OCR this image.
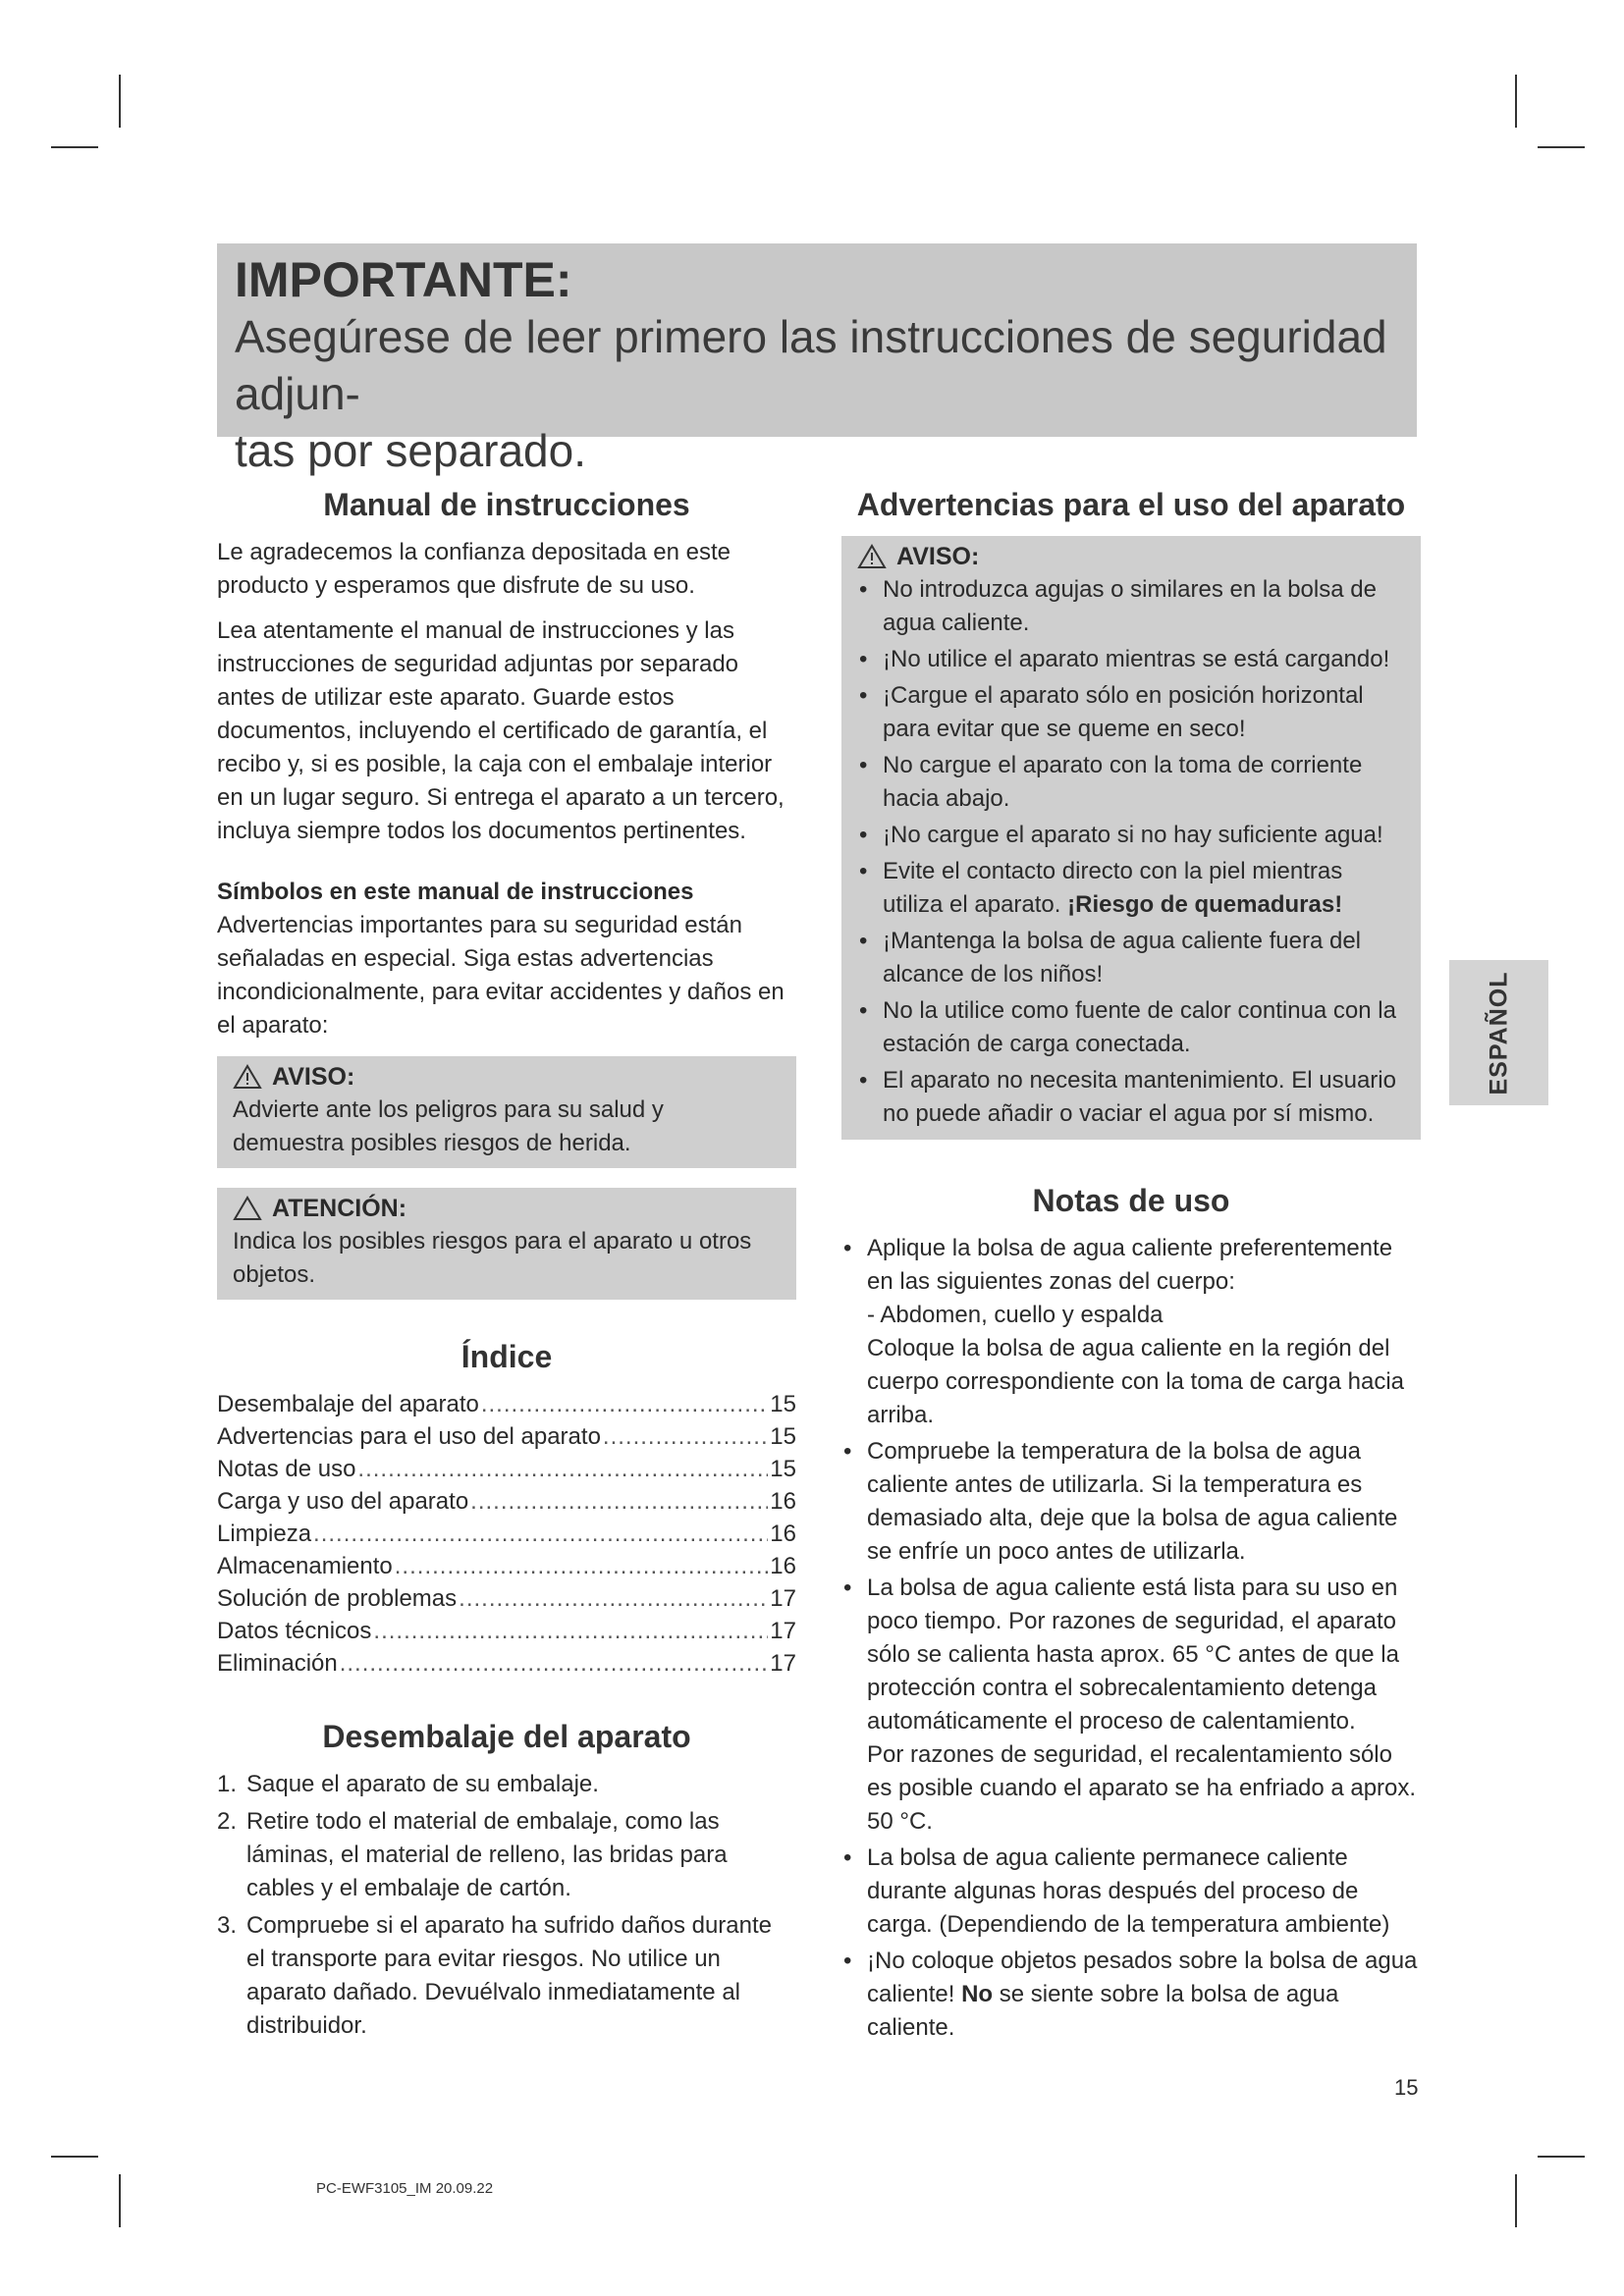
IMPORTANTE:
Asegúrese de leer primero las instrucciones de seguridad adjun-
tas por separado.
Manual de instrucciones

Le agradecemos la confianza depositada en este producto y esperamos que disfrute de su uso.

Lea atentamente el manual de instrucciones y las instrucciones de seguridad adjuntas por separado antes de utilizar este aparato. Guarde estos documentos, incluyendo el certificado de garantía, el recibo y, si es posible, la caja con el embalaje interior en un lugar seguro. Si entrega el aparato a un tercero, incluya siempre todos los documentos pertinentes.

Símbolos en este manual de instrucciones

Advertencias importantes para su seguridad están señaladas en especial. Siga estas advertencias incondicionalmente, para evitar accidentes y daños en el aparato:

AVISO:
Advierte ante los peligros para su salud y demuestra posibles riesgos de herida.
ATENCIÓN:
Indica los posibles riesgos para el aparato u otros objetos.
Índice
Desembalaje del aparato .....	15
Advertencias para el uso del aparato .....	15
Notas de uso .....	15
Carga y uso del aparato .....	16
Limpieza .....	16
Almacenamiento .....	16
Solución de problemas .....	17
Datos técnicos .....	17
Eliminación .....	17
Desembalaje del aparato
1. Saque el aparato de su embalaje.
2. Retire todo el material de embalaje, como las láminas, el material de relleno, las bridas para cables y el embalaje de cartón.
3. Compruebe si el aparato ha sufrido daños durante el transporte para evitar riesgos. No utilice un aparato dañado. Devuélvalo inmediatamente al distribuidor.
Advertencias para el uso del aparato
AVISO:
• No introduzca agujas o similares en la bolsa de agua caliente.
• ¡No utilice el aparato mientras se está cargando!
• ¡Cargue el aparato sólo en posición horizontal para evitar que se queme en seco!
• No cargue el aparato con la toma de corriente hacia abajo.
• ¡No cargue el aparato si no hay suficiente agua!
• Evite el contacto directo con la piel mientras utiliza el aparato. ¡Riesgo de quemaduras!
• ¡Mantenga la bolsa de agua caliente fuera del alcance de los niños!
• No la utilice como fuente de calor continua con la estación de carga conectada.
• El aparato no necesita mantenimiento. El usuario no puede añadir o vaciar el agua por sí mismo.
Notas de uso
• Aplique la bolsa de agua caliente preferentemente en las siguientes zonas del cuerpo:
- Abdomen, cuello y espalda
Coloque la bolsa de agua caliente en la región del cuerpo correspondiente con la toma de carga hacia arriba.
• Compruebe la temperatura de la bolsa de agua caliente antes de utilizarla. Si la temperatura es demasiado alta, deje que la bolsa de agua caliente se enfríe un poco antes de utilizarla.
• La bolsa de agua caliente está lista para su uso en poco tiempo. Por razones de seguridad, el aparato sólo se calienta hasta aprox. 65 °C antes de que la protección contra el sobrecalentamiento detenga automáticamente el proceso de calentamiento.
Por razones de seguridad, el recalentamiento sólo es posible cuando el aparato se ha enfriado a aprox. 50 °C.
• La bolsa de agua caliente permanece caliente durante algunas horas después del proceso de carga. (Dependiendo de la temperatura ambiente)
• ¡No coloque objetos pesados sobre la bolsa de agua caliente! No se siente sobre la bolsa de agua caliente.
ESPAÑOL
15
PC-EWF3105_IM 20.09.22
